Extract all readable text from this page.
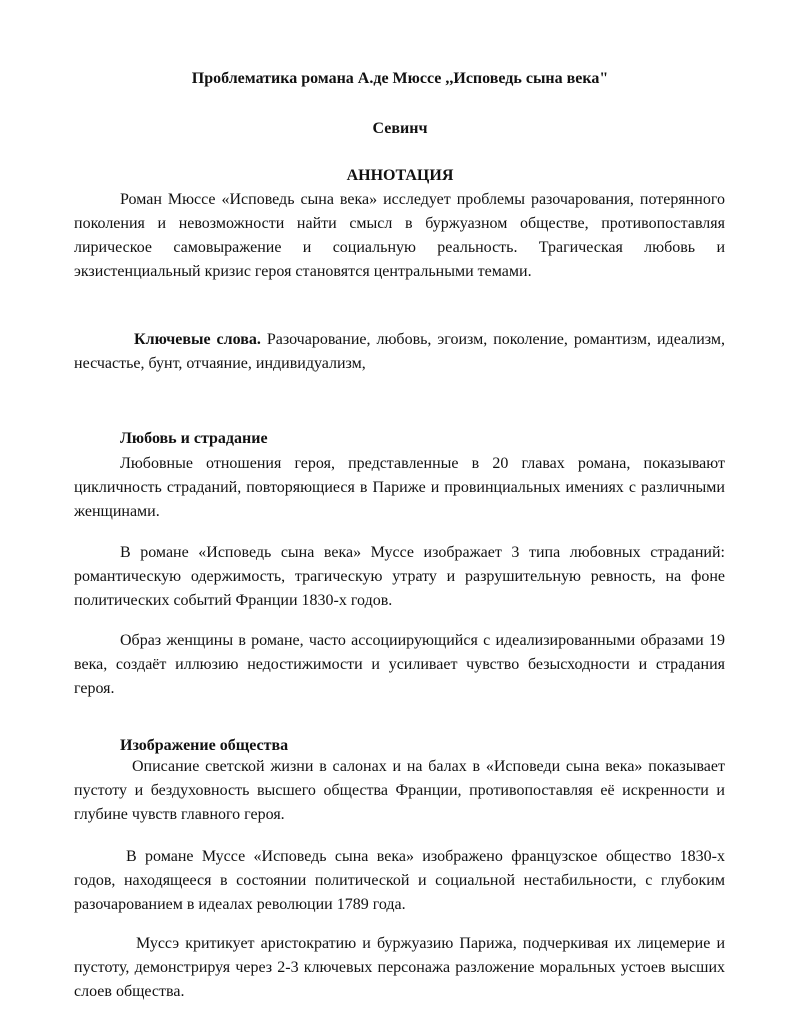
Проблематика романа А.де Мюссе ,,Исповедь сына века"

Севинч

АННОТАЦИЯ

Роман Мюссе «Исповедь сына века» исследует проблемы разочарования, потерянного поколения и невозможности найти смысл в буржуазном обществе, противопоставляя лирическое самовыражение и социальную реальность. Трагическая любовь и экзистенциальный кризис героя становятся центральными темами.

Ключевые слова. Разочарование, любовь, эгоизм, поколение, романтизм, идеализм, несчастье, бунт, отчаяние, индивидуализм,

Любовь и страдание

Любовные отношения героя, представленные в 20 главах романа, показывают цикличность страданий, повторяющиеся в Париже и провинциальных имениях с различными женщинами.

В романе «Исповедь сына века» Муссе изображает 3 типа любовных страданий: романтическую одержимость, трагическую утрату и разрушительную ревность, на фоне политических событий Франции 1830-х годов.

Образ женщины в романе, часто ассоциирующийся с идеализированными образами 19 века, создаёт иллюзию недостижимости и усиливает чувство безысходности и страдания героя.

Изображение общества

Описание светской жизни в салонах и на балах в «Исповеди сына века» показывает пустоту и бездуховность высшего общества Франции, противопоставляя её искренности и глубине чувств главного героя.

В романе Муссе «Исповедь сына века» изображено французское общество 1830-х годов, находящееся в состоянии политической и социальной нестабильности, с глубоким разочарованием в идеалах революции 1789 года.

Муссэ критикует аристократию и буржуазию Парижа, подчеркивая их лицемерие и пустоту, демонстрируя через 2-3 ключевых персонажа разложение моральных устоев высших слоев общества.
